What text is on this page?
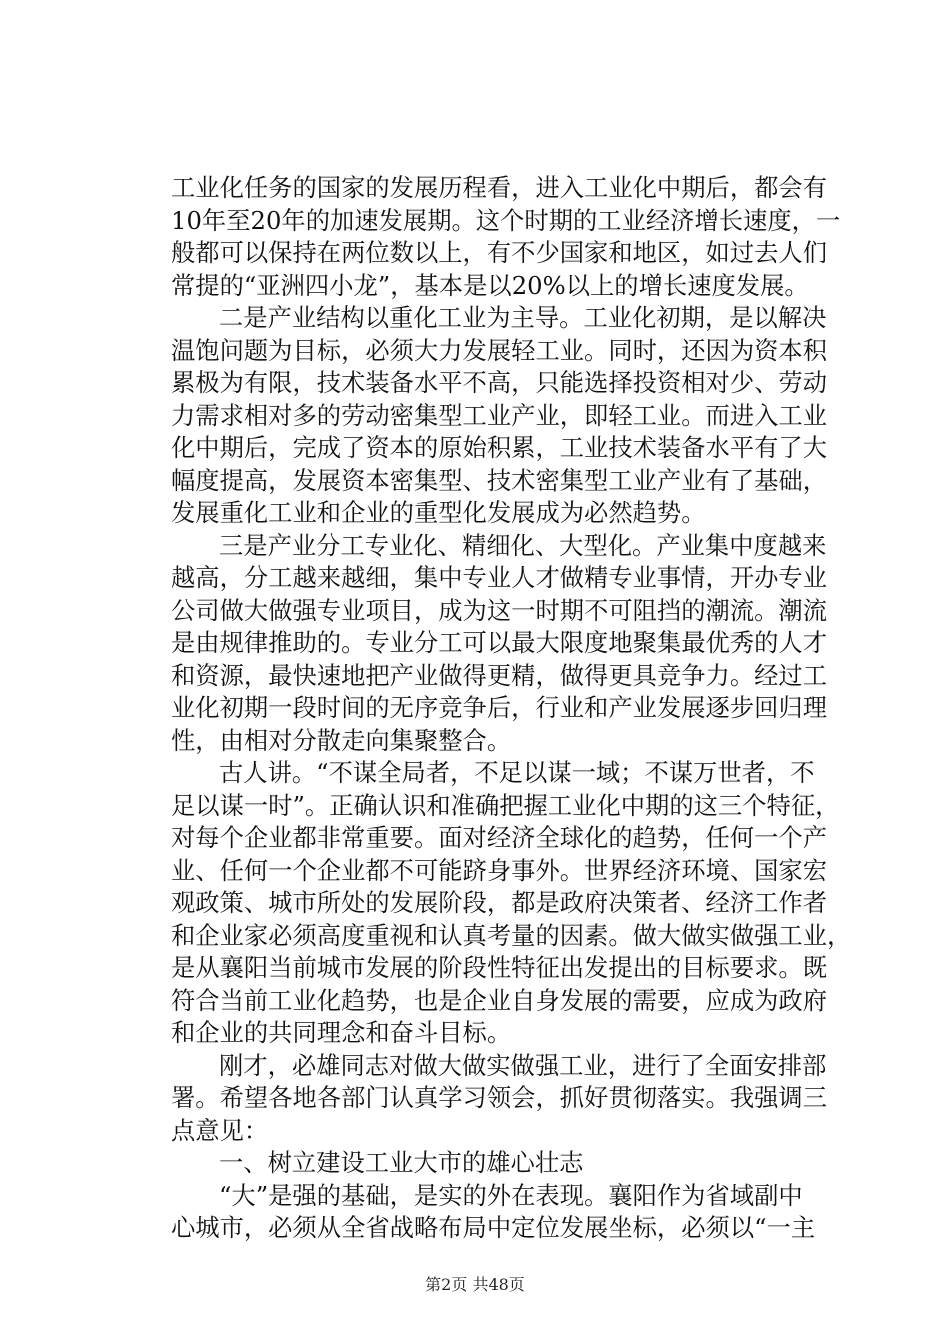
工业化任务的国家的发展历程看，进入工业化中期后，都会有
10年至20年的加速发展期。这个时期的工业经济增长速度，一
般都可以保持在两位数以上，有不少国家和地区，如过去人们
常提的“亚洲四小龙”，基本是以20%以上的增长速度发展。
二是产业结构以重化工业为主导。工业化初期，是以解决
温饱问题为目标，必须大力发展轻工业。同时，还因为资本积
累极为有限，技术装备水平不高，只能选择投资相对少、劳动
力需求相对多的劳动密集型工业产业，即轻工业。而进入工业
化中期后，完成了资本的原始积累，工业技术装备水平有了大
幅度提高，发展资本密集型、技术密集型工业产业有了基础，
发展重化工业和企业的重型化发展成为必然趋势。
三是产业分工专业化、精细化、大型化。产业集中度越来
越高，分工越来越细，集中专业人才做精专业事情，开办专业
公司做大做强专业项目，成为这一时期不可阻挡的潮流。潮流
是由规律推助的。专业分工可以最大限度地聚集最优秀的人才
和资源，最快速地把产业做得更精，做得更具竞争力。经过工
业化初期一段时间的无序竞争后，行业和产业发展逐步回归理
性，由相对分散走向集聚整合。
古人讲。“不谋全局者，不足以谋一域；不谋万世者，不
足以谋一时”。正确认识和准确把握工业化中期的这三个特征，
对每个企业都非常重要。面对经济全球化的趋势，任何一个产
业、任何一个企业都不可能跻身事外。世界经济环境、国家宏
观政策、城市所处的发展阶段，都是政府决策者、经济工作者
和企业家必须高度重视和认真考量的因素。做大做实做强工业，
是从襄阳当前城市发展的阶段性特征出发提出的目标要求。既
符合当前工业化趋势，也是企业自身发展的需要，应成为政府
和企业的共同理念和奋斗目标。
刚才，必雄同志对做大做实做强工业，进行了全面安排部
署。希望各地各部门认真学习领会，抓好贯彻落实。我强调三
点意见：
一、树立建设工业大市的雄心壮志
“大”是强的基础，是实的外在表现。襄阳作为省域副中
心城市，必须从全省战略布局中定位发展坐标，必须以“一主
第2页 共48页
